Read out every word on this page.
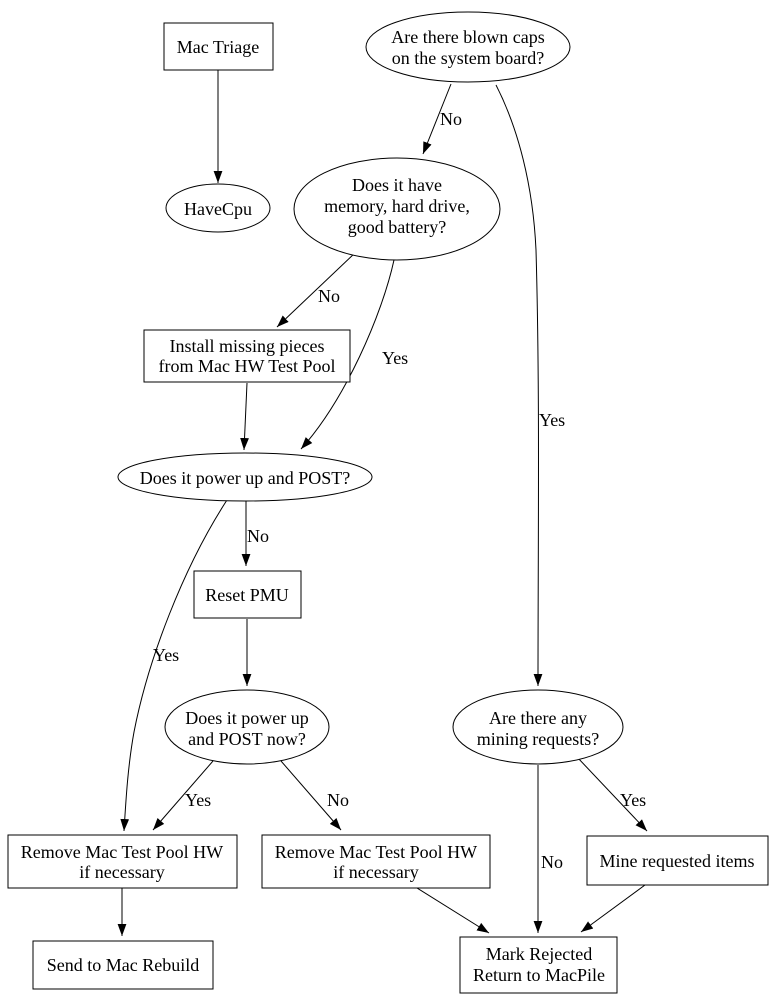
No
Yes
No
Yes
No
Yes
Yes	No
No
Yes
Mac Triage	Are there blown caps
on the system board?
HaveCpu
Does it have
memory, hard drive,
good battery?
Install missing pieces
from Mac HW Test Pool
Does it power up and POST?
Reset PMU
Does it power up
and POST now?
Are there any
mining requests?
Remove Mac Test Pool HW
if necessary
Remove Mac Test Pool HW
if necessary
Mine requested items
Send to Mac Rebuild
Mark Rejected
Return to MacPile
